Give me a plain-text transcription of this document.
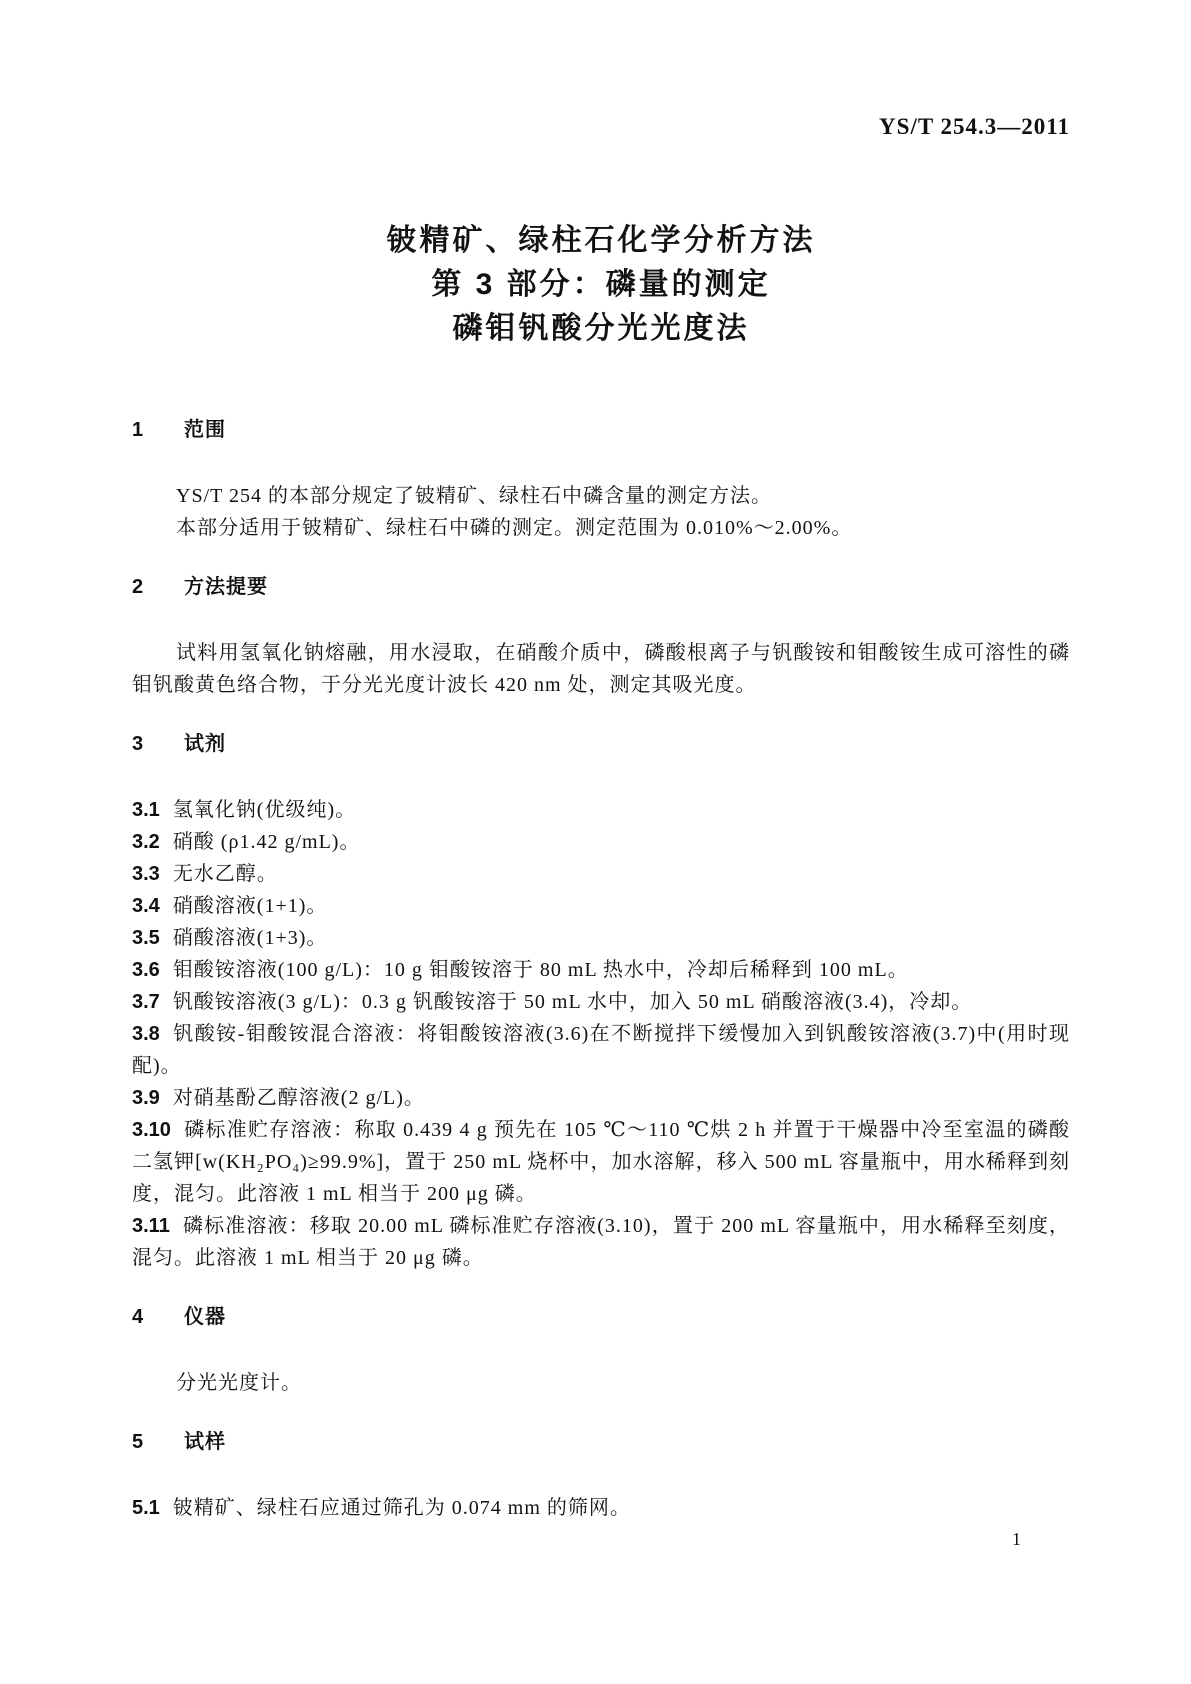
YS/T 254.3—2011
铍精矿、绿柱石化学分析方法
第 3 部分：磷量的测定
磷钼钒酸分光光度法
1 范围

YS/T 254 的本部分规定了铍精矿、绿柱石中磷含量的测定方法。

本部分适用于铍精矿、绿柱石中磷的测定。测定范围为 0.010%～2.00%。

2 方法提要

试料用氢氧化钠熔融，用水浸取，在硝酸介质中，磷酸根离子与钒酸铵和钼酸铵生成可溶性的磷钼钒酸黄色络合物，于分光光度计波长 420 nm 处，测定其吸光度。

3 试剂

3.1 氢氧化钠(优级纯)。

3.2 硝酸 (ρ1.42 g/mL)。

3.3 无水乙醇。

3.4 硝酸溶液(1+1)。

3.5 硝酸溶液(1+3)。

3.6 钼酸铵溶液(100 g/L)：10 g 钼酸铵溶于 80 mL 热水中，冷却后稀释到 100 mL。

3.7 钒酸铵溶液(3 g/L)：0.3 g 钒酸铵溶于 50 mL 水中，加入 50 mL 硝酸溶液(3.4)，冷却。

3.8 钒酸铵-钼酸铵混合溶液：将钼酸铵溶液(3.6)在不断搅拌下缓慢加入到钒酸铵溶液(3.7)中(用时现配)。

3.9 对硝基酚乙醇溶液(2 g/L)。

3.10 磷标准贮存溶液：称取 0.439 4 g 预先在 105 ℃～110 ℃烘 2 h 并置于干燥器中冷至室温的磷酸二氢钾[w(KH₂PO₄)≥99.9%]，置于 250 mL 烧杯中，加水溶解，移入 500 mL 容量瓶中，用水稀释到刻度，混匀。此溶液 1 mL 相当于 200 μg 磷。

3.11 磷标准溶液：移取 20.00 mL 磷标准贮存溶液(3.10)，置于 200 mL 容量瓶中，用水稀释至刻度，混匀。此溶液 1 mL 相当于 20 μg 磷。

4 仪器

分光光度计。

5 试样

5.1 铍精矿、绿柱石应通过筛孔为 0.074 mm 的筛网。

1
